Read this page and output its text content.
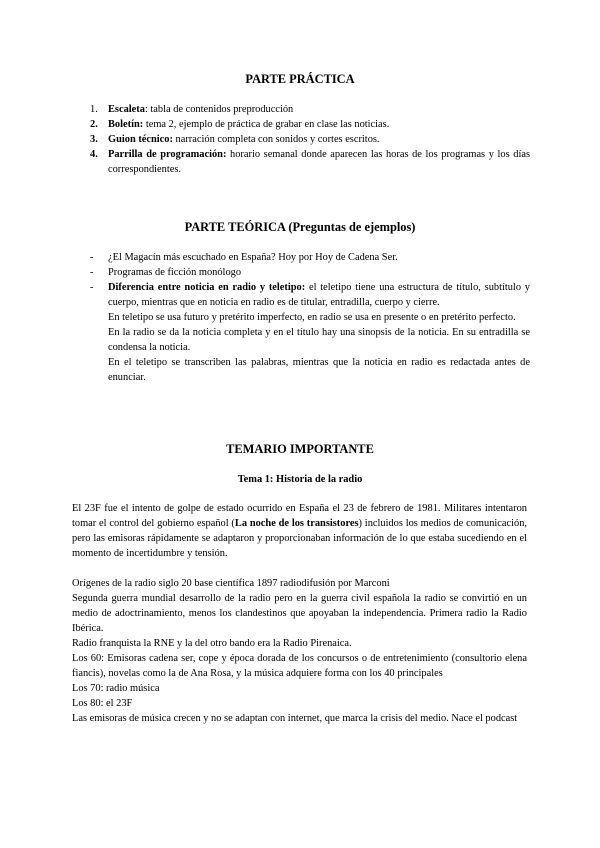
PARTE PRÁCTICA
1. Escaleta: tabla de contenidos preproducción
2. Boletín: tema 2, ejemplo de práctica de grabar en clase las noticias.
3. Guion técnico: narración completa con sonidos y cortes escritos.
4. Parrilla de programación: horario semanal donde aparecen las horas de los programas y los días correspondientes.
PARTE TEÓRICA (Preguntas de ejemplos)
- ¿El Magacín más escuchado en España? Hoy por Hoy de Cadena Ser.
- Programas de ficción monólogo
- Diferencia entre noticia en radio y teletipo: el teletipo tiene una estructura de título, subtítulo y cuerpo, mientras que en noticia en radio es de titular, entradilla, cuerpo y cierre.
En teletipo se usa futuro y pretérito imperfecto, en radio se usa en presente o en pretérito perfecto.
En la radio se da la noticia completa y en el título hay una sinopsis de la noticia. En su entradilla se condensa la noticia.
En el teletipo se transcriben las palabras, mientras que la noticia en radio es redactada antes de enunciar.
TEMARIO IMPORTANTE
Tema 1: Historia de la radio
El 23F fue el intento de golpe de estado ocurrido en España el 23 de febrero de 1981. Militares intentaron tomar el control del gobierno español (La noche de los transistores) incluidos los medios de comunicación, pero las emisoras rápidamente se adaptaron y proporcionaban información de lo que estaba sucediendo en el momento de incertidumbre y tensión.
Orígenes de la radio siglo 20 base científica 1897 radiodifusión por Marconi
Segunda guerra mundial desarrollo de la radio pero en la guerra civil española la radio se convirtió en un medio de adoctrinamiento, menos los clandestinos que apoyaban la independencia. Primera radio la Radio Ibérica.
Radio franquista la RNE y la del otro bando era la Radio Pirenaica.
Los 60: Emisoras cadena ser, cope y época dorada de los concursos o de entretenimiento (consultorio elena fiancis), novelas como la de Ana Rosa, y la música adquiere forma con los 40 principales
Los 70: radio música
Los 80: el 23F
Las emisoras de música crecen y no se adaptan con internet, que marca la crisis del medio. Nace el podcast
